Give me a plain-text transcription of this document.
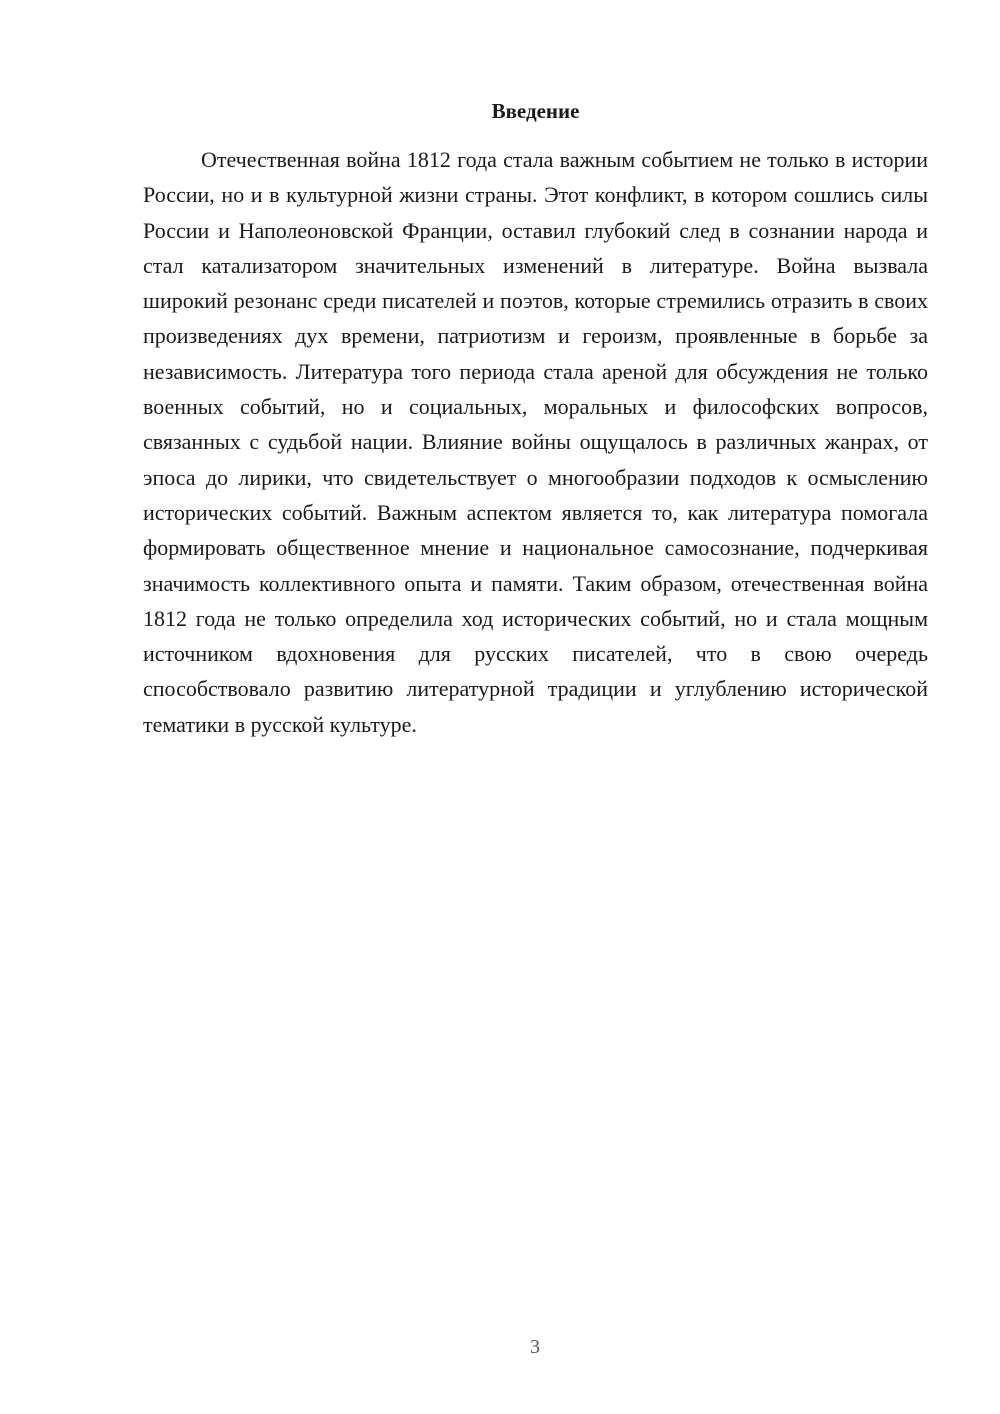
Введение

Отечественная война 1812 года стала важным событием не только в истории России, но и в культурной жизни страны. Этот конфликт, в котором сошлись силы России и Наполеоновской Франции, оставил глубокий след в сознании народа и стал катализатором значительных изменений в литературе. Война вызвала широкий резонанс среди писателей и поэтов, которые стремились отразить в своих произведениях дух времени, патриотизм и героизм, проявленные в борьбе за независимость. Литература того периода стала ареной для обсуждения не только военных событий, но и социальных, моральных и философских вопросов, связанных с судьбой нации. Влияние войны ощущалось в различных жанрах, от эпоса до лирики, что свидетельствует о многообразии подходов к осмыслению исторических событий. Важным аспектом является то, как литература помогала формировать общественное мнение и национальное самосознание, подчеркивая значимость коллективного опыта и памяти. Таким образом, отечественная война 1812 года не только определила ход исторических событий, но и стала мощным источником вдохновения для русских писателей, что в свою очередь способствовало развитию литературной традиции и углублению исторической тематики в русской культуре.

3
